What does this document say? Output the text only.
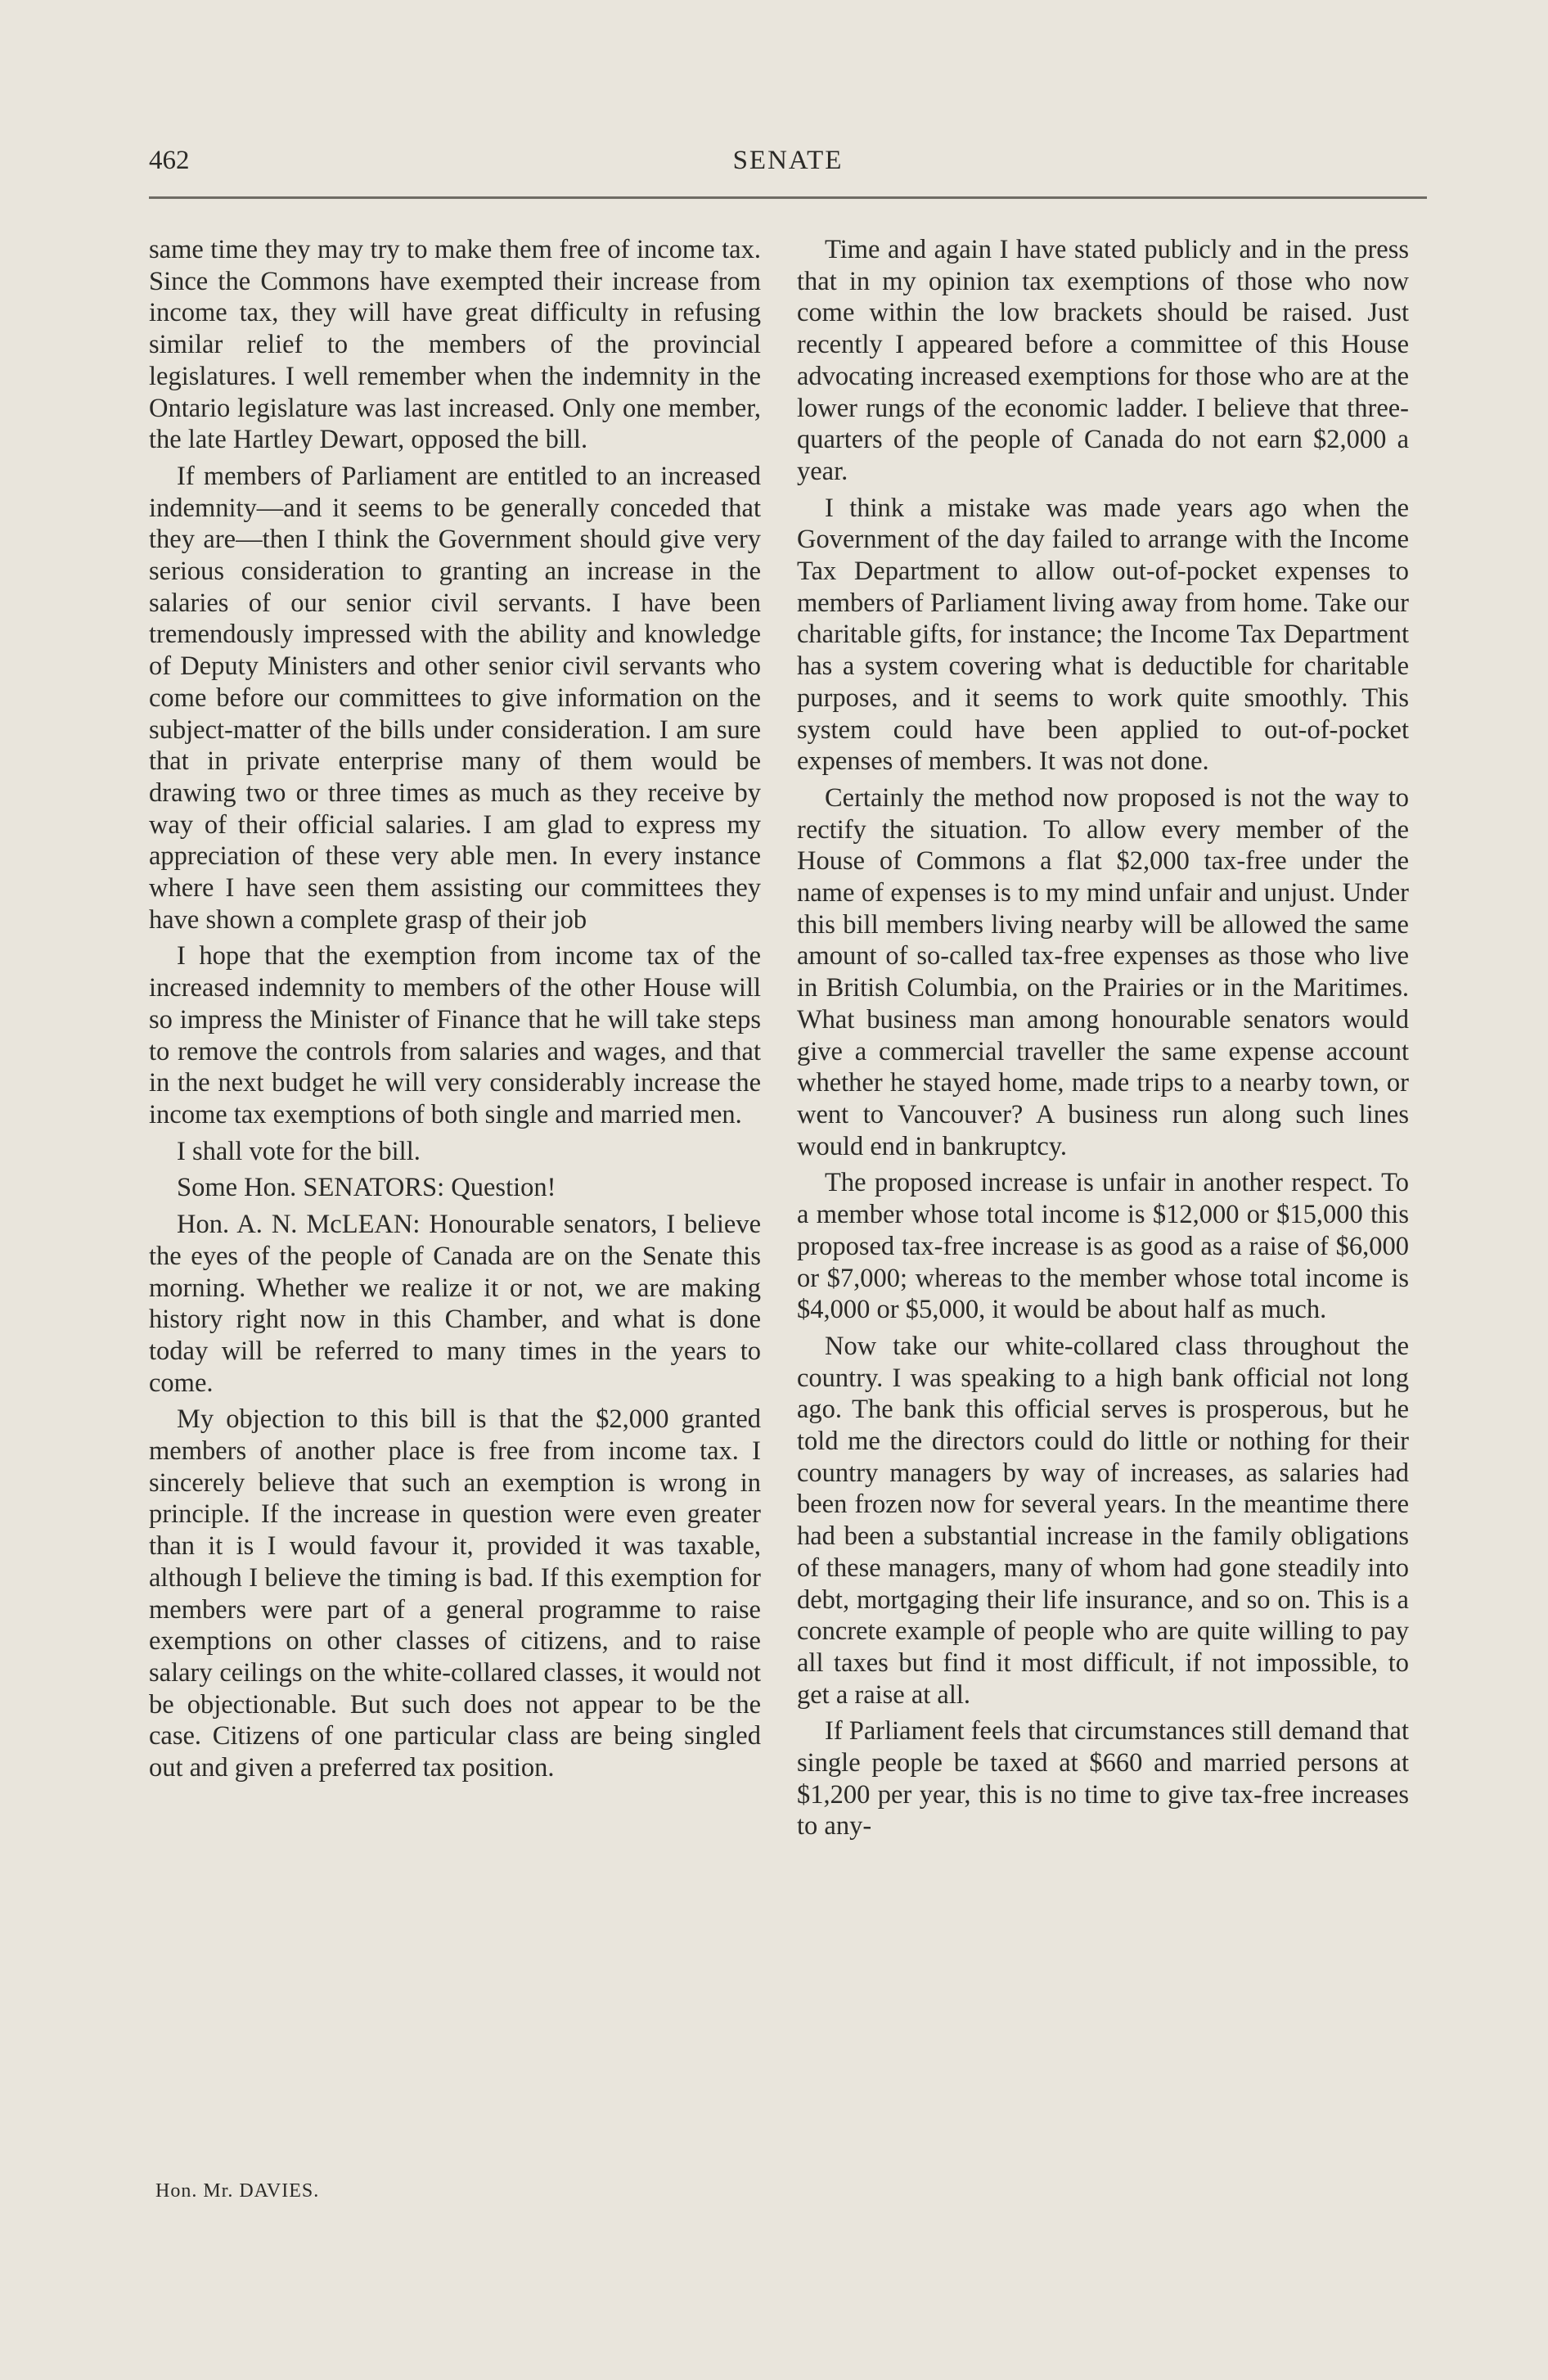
462	SENATE

same time they may try to make them free of income tax. Since the Commons have exempted their increase from income tax, they will have great difficulty in refusing similar relief to the members of the provincial legislatures. I well remember when the indemnity in the Ontario legislature was last increased. Only one member, the late Hartley Dewart, opposed the bill.

If members of Parliament are entitled to an increased indemnity—and it seems to be generally conceded that they are—then I think the Government should give very serious consideration to granting an increase in the salaries of our senior civil servants. I have been tremendously impressed with the ability and knowledge of Deputy Ministers and other senior civil servants who come before our committees to give information on the subject-matter of the bills under consideration. I am sure that in private enterprise many of them would be drawing two or three times as much as they receive by way of their official salaries. I am glad to express my appreciation of these very able men. In every instance where I have seen them assisting our committees they have shown a complete grasp of their job

I hope that the exemption from income tax of the increased indemnity to members of the other House will so impress the Minister of Finance that he will take steps to remove the controls from salaries and wages, and that in the next budget he will very considerably increase the income tax exemptions of both single and married men.

I shall vote for the bill.

Some Hon. SENATORS: Question!

Hon. A. N. McLEAN: Honourable senators, I believe the eyes of the people of Canada are on the Senate this morning. Whether we realize it or not, we are making history right now in this Chamber, and what is done today will be referred to many times in the years to come.

My objection to this bill is that the $2,000 granted members of another place is free from income tax. I sincerely believe that such an exemption is wrong in principle. If the increase in question were even greater than it is I would favour it, provided it was taxable, although I believe the timing is bad. If this exemption for members were part of a general programme to raise exemptions on other classes of citizens, and to raise salary ceilings on the white-collared classes, it would not be objectionable. But such does not appear to be the case. Citizens of one particular class are being singled out and given a preferred tax position.

Time and again I have stated publicly and in the press that in my opinion tax exemptions of those who now come within the low brackets should be raised. Just recently I appeared before a committee of this House advocating increased exemptions for those who are at the lower rungs of the economic ladder. I believe that three-quarters of the people of Canada do not earn $2,000 a year.

I think a mistake was made years ago when the Government of the day failed to arrange with the Income Tax Department to allow out-of-pocket expenses to members of Parliament living away from home. Take our charitable gifts, for instance; the Income Tax Department has a system covering what is deductible for charitable purposes, and it seems to work quite smoothly. This system could have been applied to out-of-pocket expenses of members. It was not done.

Certainly the method now proposed is not the way to rectify the situation. To allow every member of the House of Commons a flat $2,000 tax-free under the name of expenses is to my mind unfair and unjust. Under this bill members living nearby will be allowed the same amount of so-called tax-free expenses as those who live in British Columbia, on the Prairies or in the Maritimes. What business man among honourable senators would give a commercial traveller the same expense account whether he stayed home, made trips to a nearby town, or went to Vancouver? A business run along such lines would end in bankruptcy.

The proposed increase is unfair in another respect. To a member whose total income is $12,000 or $15,000 this proposed tax-free increase is as good as a raise of $6,000 or $7,000; whereas to the member whose total income is $4,000 or $5,000, it would be about half as much.

Now take our white-collared class throughout the country. I was speaking to a high bank official not long ago. The bank this official serves is prosperous, but he told me the directors could do little or nothing for their country managers by way of increases, as salaries had been frozen now for several years. In the meantime there had been a substantial increase in the family obligations of these managers, many of whom had gone steadily into debt, mortgaging their life insurance, and so on. This is a concrete example of people who are quite willing to pay all taxes but find it most difficult, if not impossible, to get a raise at all.

If Parliament feels that circumstances still demand that single people be taxed at $660 and married persons at $1,200 per year, this is no time to give tax-free increases to any-

Hon. Mr. DAVIES.
